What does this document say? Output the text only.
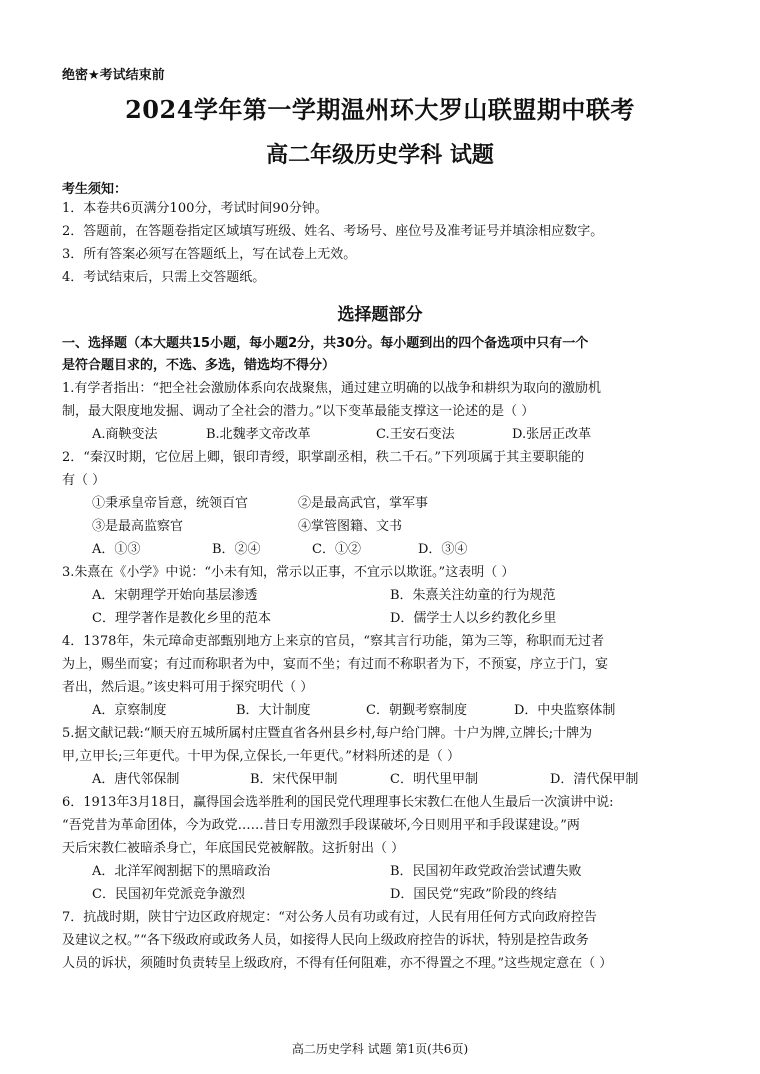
绝密★考试结束前
2024学年第一学期温州环大罗山联盟期中联考
高二年级历史学科 试题
考生须知：
1．本卷共6页满分100分，考试时间90分钟。
2．答题前，在答题卷指定区域填写班级、姓名、考场号、座位号及准考证号并填涂相应数字。
3．所有答案必须写在答题纸上，写在试卷上无效。
4．考试结束后，只需上交答题纸。
选择题部分
一、选择题（本大题共15小题，每小题2分，共30分。每小题到出的四个备选项中只有一个
是符合题目求的，不选、多选，错选均不得分）
1.有学者指出：“把全社会激励体系向农战聚焦，通过建立明确的以战争和耕织为取向的激励机
制，最大限度地发掘、调动了全社会的潜力。”以下变革最能支撑这一论述的是（ ）
A.商鞅变法	B.北魏孝文帝改革	C.王安石变法	D.张居正改革
2．“秦汉时期，它位居上卿，银印青绶，职掌副丞相，秩二千石。”下列项属于其主要职能的
有（ ）
①秉承皇帝旨意，统领百官	②是最高武官，掌军事
③是最高监察官	④掌管图籍、文书
A．①③	B．②④	C．①②	D．③④
3.朱熹在《小学》中说：“小未有知，常示以正事，不宜示以欺诳。”这表明（ ）
A．宋朝理学开始向基层渗透	B．朱熹关注幼童的行为规范
C．理学著作是教化乡里的范本	D．儒学士人以乡约教化乡里
4．1378年，朱元璋命吏部甄别地方上来京的官员，“察其言行功能，第为三等，称职而无过者
为上，赐坐而宴；有过而称职者为中，宴而不坐；有过而不称职者为下，不预宴，序立于门，宴
者出，然后退。”该史料可用于探究明代（ ）
A．京察制度	B．大计制度	C．朝觐考察制度	D．中央监察体制
5.据文献记载:“顺天府五城所属村庄暨直省各州县乡村,每户给门牌。十户为牌,立牌长;十牌为
甲,立甲长;三年更代。十甲为保,立保长,一年更代。”材料所述的是（ ）
A．唐代邻保制	B．宋代保甲制	C．明代里甲制	D．清代保甲制
6．1913年3月18日，赢得国会选举胜利的国民党代理理事长宋教仁在他人生最后一次演讲中说:
“吾党昔为革命团体，今为政党……昔日专用激烈手段谋破坏,今日则用平和手段谋建设。”两
天后宋教仁被暗杀身亡，年底国民党被解散。这折射出（ ）
A．北洋军阀割据下的黑暗政治	B．民国初年政党政治尝试遭失败
C．民国初年党派竞争激烈	D．国民党“宪政”阶段的终结
7．抗战时期，陕甘宁边区政府规定：“对公务人员有功或有过，人民有用任何方式向政府控告
及建议之权。”“各下级政府或政务人员，如接得人民向上级政府控告的诉状，特别是控告政务
人员的诉状，须随时负责转呈上级政府，不得有任何阻难，亦不得置之不理。”这些规定意在（ ）
高二历史学科 试题 第1页(共6页)
